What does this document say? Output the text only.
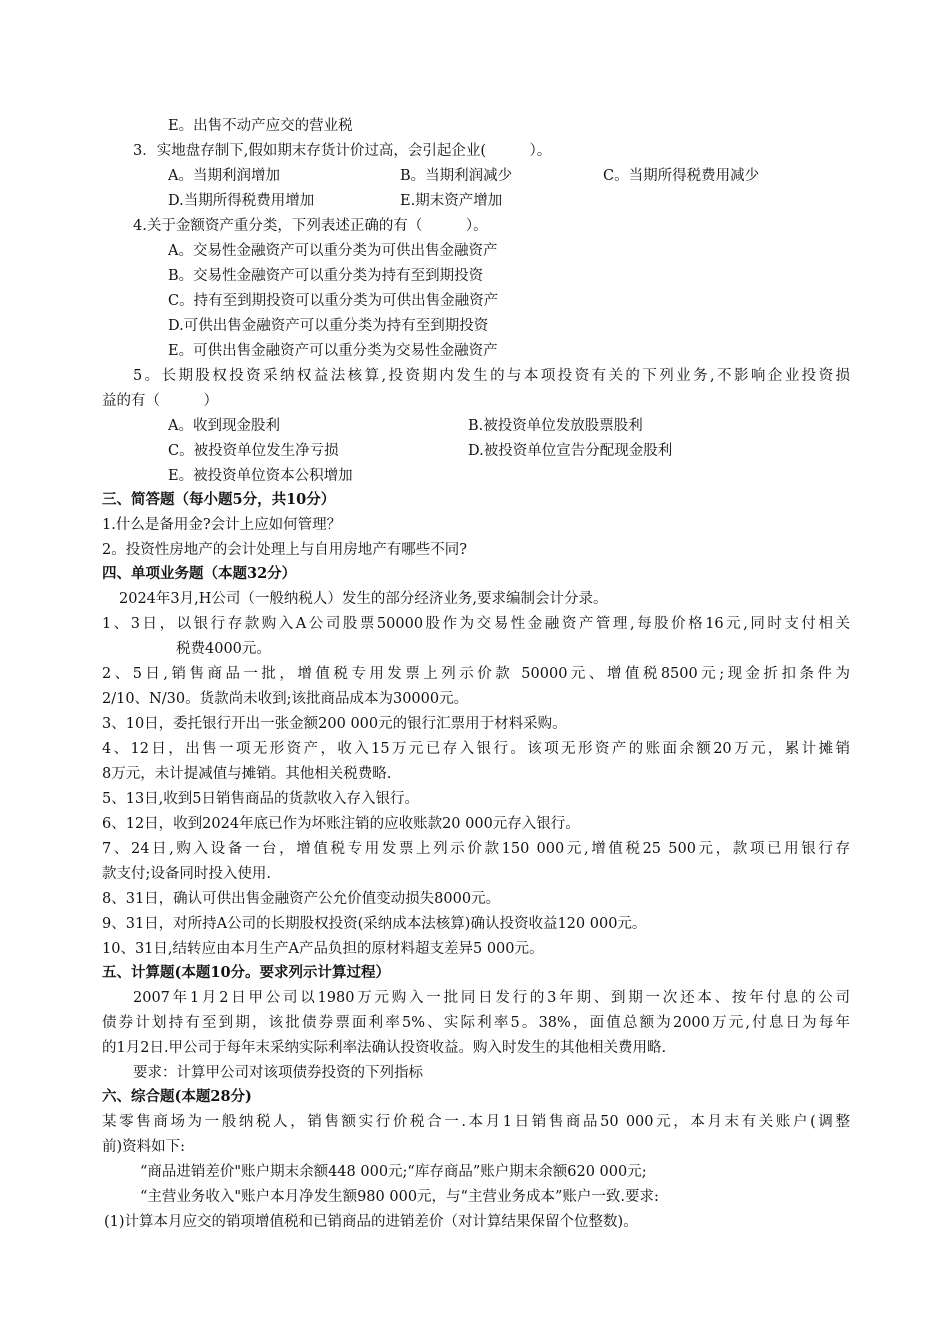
E。出售不动产应交的营业税
3．实地盘存制下,假如期末存货计价过高，会引起企业(　　　）。
A。当期利润增加	B。当期利润减少	C。当期所得税费用减少
D.当期所得税费用增加	E.期末资产增加
4.关于金额资产重分类，下列表述正确的有（　　　）。
A。交易性金融资产可以重分类为可供出售金融资产
B。交易性金融资产可以重分类为持有至到期投资
C。持有至到期投资可以重分类为可供出售金融资产
D.可供出售金融资产可以重分类为持有至到期投资
E。可供出售金融资产可以重分类为交易性金融资产
5。长期股权投资采纳权益法核算,投资期内发生的与本项投资有关的下列业务,不影响企业投资损
益的有（　　　）
A。收到现金股利	B.被投资单位发放股票股利
C。被投资单位发生净亏损	D.被投资单位宣告分配现金股利
E。被投资单位资本公积增加
三、简答题（每小题5分，共10分）
1.什么是备用金?会计上应如何管理？
2。投资性房地产的会计处理上与自用房地产有哪些不同?
四、单项业务题（本题32分）
2024年3月,H公司（一般纳税人）发生的部分经济业务,要求编制会计分录。
1、3日，以银行存款购入A公司股票50000股作为交易性金融资产管理,每股价格16元,同时支付相关
税费4000元。
2、5日,销售商品一批，增值税专用发票上列示价款 50000元、增值税8500元;现金折扣条件为
2/10、N/30。货款尚未收到;该批商品成本为30000元。
3、10日，委托银行开出一张金额200 000元的银行汇票用于材料采购。
4、12日，出售一项无形资产，收入15万元已存入银行。该项无形资产的账面余额20万元，累计摊销
8万元，未计提减值与摊销。其他相关税费略.
5、13日,收到5日销售商品的货款收入存入银行。
6、12日，收到2024年底已作为坏账注销的应收账款20 000元存入银行。
7、24日,购入设备一台，增值税专用发票上列示价款150 000元,增值税25 500元，款项已用银行存
款支付;设备同时投入使用.
8、31日，确认可供出售金融资产公允价值变动损失8000元。
9、31日，对所持A公司的长期股权投资(采纳成本法核算)确认投资收益120 000元。
10、31日,结转应由本月生产A产品负担的原材料超支差异5 000元。
五、计算题(本题10分。要求列示计算过程）
2007年1月2日甲公司以1980万元购入一批同日发行的3年期、到期一次还本、按年付息的公司
债券计划持有至到期，该批债券票面利率5%、实际利率5。38%，面值总额为2000万元,付息日为每年
的1月2日.甲公司于每年末采纳实际利率法确认投资收益。购入时发生的其他相关费用略.
要求：计算甲公司对该项债券投资的下列指标
六、综合题(本题28分)
某零售商场为一般纳税人，销售额实行价税合一.本月1日销售商品50 000元，本月末有关账户(调整
前)资料如下:
“商品进销差价"账户期末余额448 000元;“库存商品”账户期末余额620 000元;
“主营业务收入"账户本月净发生额980 000元，与“主营业务成本”账户一致.要求:
(1)计算本月应交的销项增值税和已销商品的进销差价（对计算结果保留个位整数)。
